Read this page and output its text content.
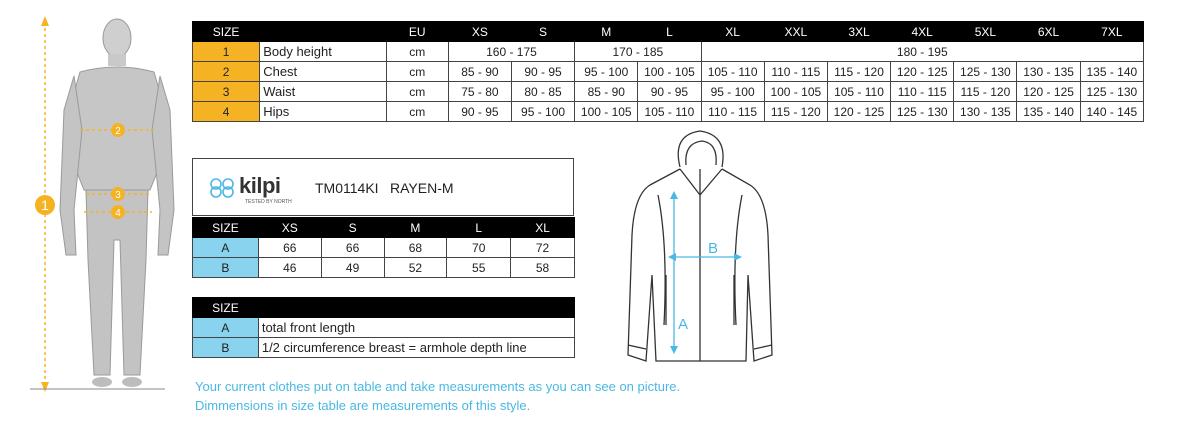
1
2
3
4
SIZE		EU	XS	S	M	L	XL	XXL	3XL	4XL	5XL	6XL	7XL
1	Body height	cm	160 - 175		170 - 185		180 - 195						
2	Chest	cm	85 - 90	90 - 95	95 - 100	100 - 105	105 - 110	110 - 115	115 - 120	120 - 125	125 - 130	130 - 135	135 - 140
3	Waist	cm	75 - 80	80 - 85	85 - 90	90 - 95	95 - 100	100 - 105	105 - 110	110 - 115	115 - 120	120 - 125	125 - 130
4	Hips	cm	90 - 95	95 - 100	100 - 105	105 - 110	110 - 115	115 - 120	120 - 125	125 - 130	130 - 135	135 - 140	140 - 145
kilpi
TESTED BY NORTH
TM0114KI RAYEN-M
SIZE	XS	S	M	L	XL
A	66	66	68	70	72
B	46	49	52	55	58
SIZE	
A	total front length
B	1/2 circumference breast = armhole depth line
A
B
Your current clothes put on table and take measurements as you can see on picture.
Dimmensions in size table are measurements of this style.
